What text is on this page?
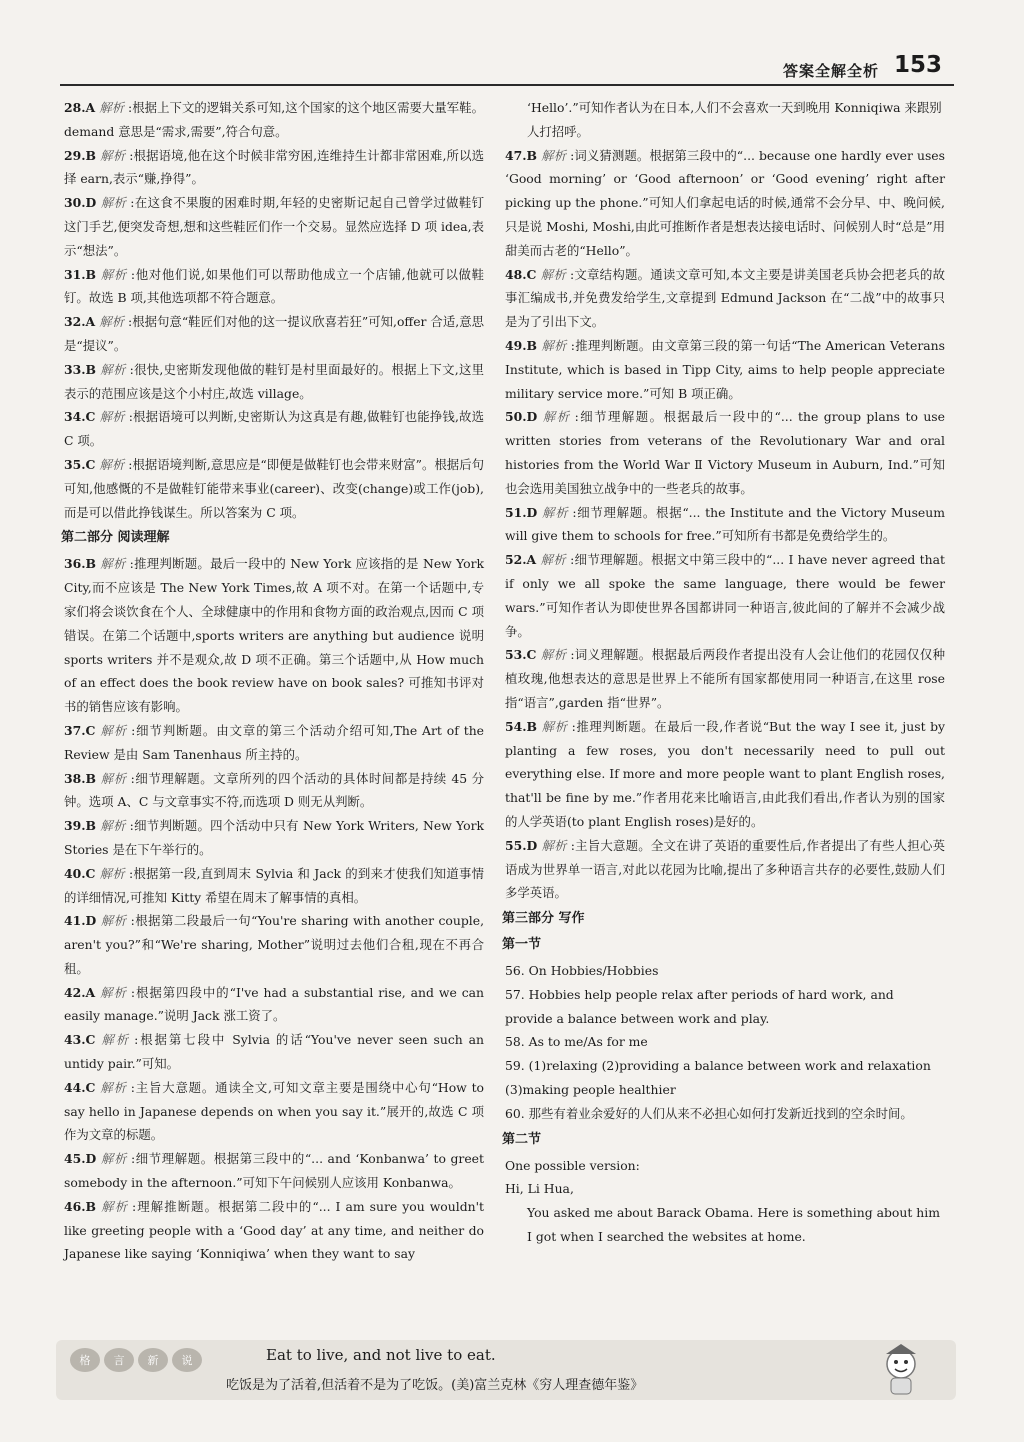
答案全解全析 153
28.A 解析 :根据上下文的逻辑关系可知,这个国家的这个地区需要大量军鞋。demand 意思是“需求,需要”,符合句意。
29.B 解析 :根据语境,他在这个时候非常穷困,连维持生计都非常困难,所以选择 earn,表示“赚,挣得”。
30.D 解析 :在这食不果腹的困难时期,年轻的史密斯记起自己曾学过做鞋钉这门手艺,便突发奇想,想和这些鞋匠们作一个交易。显然应选择 D 项 idea,表示“想法”。
31.B 解析 :他对他们说,如果他们可以帮助他成立一个店铺,他就可以做鞋钉。故选 B 项,其他选项都不符合题意。
32.A 解析 :根据句意“鞋匠们对他的这一提议欣喜若狂”可知,offer 合适,意思是“提议”。
33.B 解析 :很快,史密斯发现他做的鞋钉是村里面最好的。根据上下文,这里表示的范围应该是这个小村庄,故选 village。
34.C 解析 :根据语境可以判断,史密斯认为这真是有趣,做鞋钉也能挣钱,故选 C 项。
35.C 解析 :根据语境判断,意思应是“即便是做鞋钉也会带来财富”。根据后句可知,他感慨的不是做鞋钉能带来事业(career)、改变(change)或工作(job),而是可以借此挣钱谋生。所以答案为 C 项。
第二部分 阅读理解
36.B 解析 :推理判断题。最后一段中的 New York 应该指的是 New York City,而不应该是 The New York Times,故 A 项不对。在第一个话题中,专家们将会谈饮食在个人、全球健康中的作用和食物方面的政治观点,因而 C 项错误。在第二个话题中,sports writers are anything but audience 说明 sports writers 并不是观众,故 D 项不正确。第三个话题中,从 How much of an effect does the book review have on book sales? 可推知书评对书的销售应该有影响。
37.C 解析 :细节判断题。由文章的第三个活动介绍可知,The Art of the Review 是由 Sam Tanenhaus 所主持的。
38.B 解析 :细节理解题。文章所列的四个活动的具体时间都是持续 45 分钟。选项 A、C 与文章事实不符,而选项 D 则无从判断。
39.B 解析 :细节判断题。四个活动中只有 New York Writers, New York Stories 是在下午举行的。
40.C 解析 :根据第一段,直到周末 Sylvia 和 Jack 的到来才使我们知道事情的详细情况,可推知 Kitty 希望在周末了解事情的真相。
41.D 解析 :根据第二段最后一句“You're sharing with another couple, aren't you?”和“We're sharing, Mother”说明过去他们合租,现在不再合租。
42.A 解析 :根据第四段中的“I've had a substantial rise, and we can easily manage.”说明 Jack 涨工资了。
43.C 解析 :根据第七段中 Sylvia 的话“You've never seen such an untidy pair.”可知。
44.C 解析 :主旨大意题。通读全文,可知文章主要是围绕中心句“How to say hello in Japanese depends on when you say it.”展开的,故选 C 项作为文章的标题。
45.D 解析 :细节理解题。根据第三段中的“... and ‘Konbanwa’ to greet somebody in the afternoon.”可知下午问候别人应该用 Konbanwa。
46.B 解析 :理解推断题。根据第二段中的“... I am sure you wouldn't like greeting people with a ‘Good day’ at any time, and neither do Japanese like saying ‘Konniqiwa’ when they want to say
‘Hello’.”可知作者认为在日本,人们不会喜欢一天到晚用 Konniqiwa 来跟别人打招呼。
47.B 解析 :词义猜测题。根据第三段中的“... because one hardly ever uses ‘Good morning’ or ‘Good afternoon’ or ‘Good evening’ right after picking up the phone.”可知人们拿起电话的时候,通常不会分早、中、晚问候,只是说 Moshi, Moshi,由此可推断作者是想表达接电话时、问候别人时“总是”用甜美而古老的“Hello”。
48.C 解析 :文章结构题。通读文章可知,本文主要是讲美国老兵协会把老兵的故事汇编成书,并免费发给学生,文章提到 Edmund Jackson 在“二战”中的故事只是为了引出下文。
49.B 解析 :推理判断题。由文章第三段的第一句话“The American Veterans Institute, which is based in Tipp City, aims to help people appreciate military service more.”可知 B 项正确。
50.D 解析 :细节理解题。根据最后一段中的“... the group plans to use written stories from veterans of the Revolutionary War and oral histories from the World War Ⅱ Victory Museum in Auburn, Ind.”可知也会选用美国独立战争中的一些老兵的故事。
51.D 解析 :细节理解题。根据“... the Institute and the Victory Museum will give them to schools for free.”可知所有书都是免费给学生的。
52.A 解析 :细节理解题。根据文中第三段中的“... I have never agreed that if only we all spoke the same language, there would be fewer wars.”可知作者认为即使世界各国都讲同一种语言,彼此间的了解并不会减少战争。
53.C 解析 :词义理解题。根据最后两段作者提出没有人会让他们的花园仅仅种植玫瑰,他想表达的意思是世界上不能所有国家都使用同一种语言,在这里 rose 指“语言”,garden 指“世界”。
54.B 解析 :推理判断题。在最后一段,作者说“But the way I see it, just by planting a few roses, you don't necessarily need to pull out everything else. If more and more people want to plant English roses, that'll be fine by me.”作者用花来比喻语言,由此我们看出,作者认为别的国家的人学英语(to plant English roses)是好的。
55.D 解析 :主旨大意题。全文在讲了英语的重要性后,作者提出了有些人担心英语成为世界单一语言,对此以花园为比喻,提出了多种语言共存的必要性,鼓励人们多学英语。
第三部分 写作
第一节
56. On Hobbies/Hobbies
57. Hobbies help people relax after periods of hard work, and provide a balance between work and play.
58. As to me/As for me
59. (1)relaxing (2)providing a balance between work and relaxation (3)making people healthier
60. 那些有着业余爱好的人们从来不必担心如何打发新近找到的空余时间。
第二节
One possible version:
Hi, Li Hua,
You asked me about Barack Obama. Here is something about him I got when I searched the websites at home.
格	言	新	说	Eat to live, and not live to eat.
吃饭是为了活着,但活着不是为了吃饭。(美)富兰克林《穷人理查德年鉴》
